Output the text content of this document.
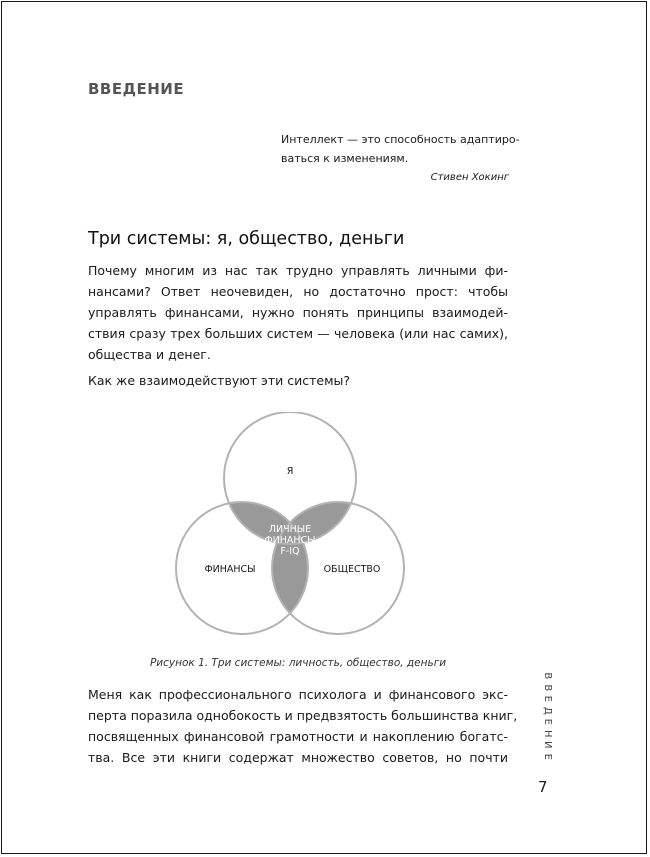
ВВЕДЕНИЕ
Интеллект — это способность адаптиро-
ваться к изменениям.
Стивен Хокинг
Три системы: я, общество, деньги
Почему многим из нас так трудно управлять личными фи-
нансами? Ответ неочевиден, но достаточно прост: чтобы
управлять финансами, нужно понять принципы взаимодей-
ствия сразу трех больших систем — человека (или нас самих),
общества и денег.
Как же взаимодействуют эти системы?
Я
ФИНАНСЫ	ОБЩЕСТВО
ЛИЧНЫЕ
ФИНАНСЫ
F-IQ
Рисунок 1. Три системы: личность, общество, деньги
Меня как профессионального психолога и финансового экс-
перта поразила однобокость и предвзятость большинства книг,
посвященных финансовой грамотности и накоплению богатс-
тва. Все эти книги содержат множество советов, но почти
В
В
Е
Д
Е
Н
И
Е
7
